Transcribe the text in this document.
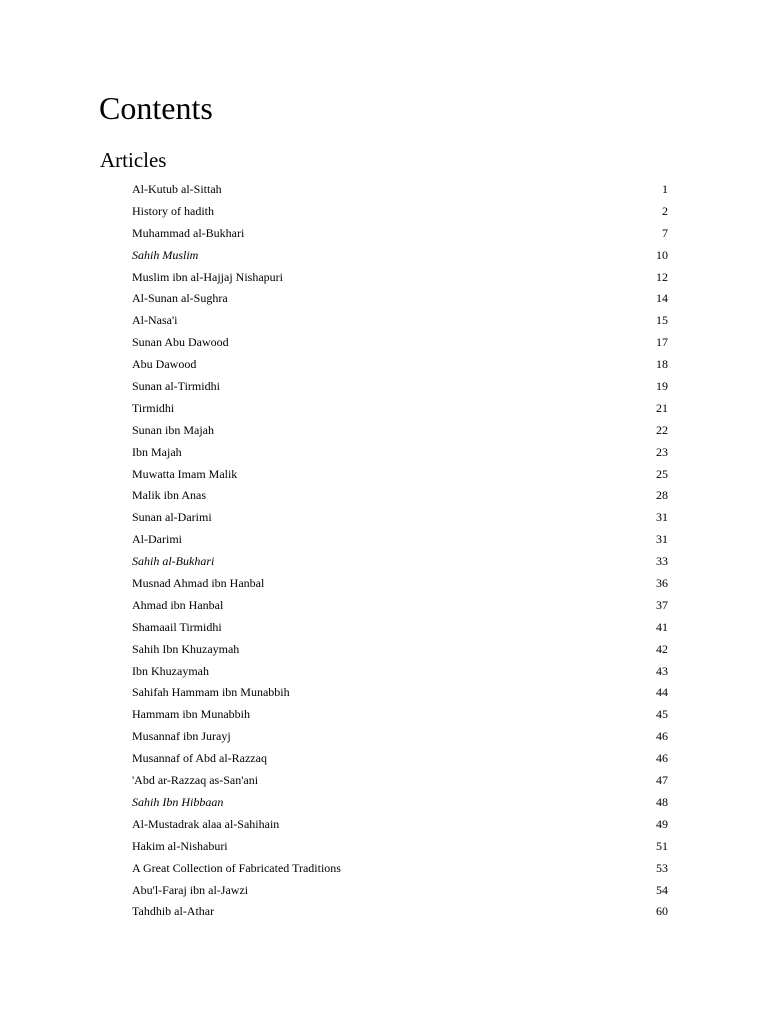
Contents
Articles
Al-Kutub al-Sittah	1
History of hadith	2
Muhammad al-Bukhari	7
Sahih Muslim	10
Muslim ibn al-Hajjaj Nishapuri	12
Al-Sunan al-Sughra	14
Al-Nasa'i	15
Sunan Abu Dawood	17
Abu Dawood	18
Sunan al-Tirmidhi	19
Tirmidhi	21
Sunan ibn Majah	22
Ibn Majah	23
Muwatta Imam Malik	25
Malik ibn Anas	28
Sunan al-Darimi	31
Al-Darimi	31
Sahih al-Bukhari	33
Musnad Ahmad ibn Hanbal	36
Ahmad ibn Hanbal	37
Shamaail Tirmidhi	41
Sahih Ibn Khuzaymah	42
Ibn Khuzaymah	43
Sahifah Hammam ibn Munabbih	44
Hammam ibn Munabbih	45
Musannaf ibn Jurayj	46
Musannaf of Abd al-Razzaq	46
'Abd ar-Razzaq as-San'ani	47
Sahih Ibn Hibbaan	48
Al-Mustadrak alaa al-Sahihain	49
Hakim al-Nishaburi	51
A Great Collection of Fabricated Traditions	53
Abu'l-Faraj ibn al-Jawzi	54
Tahdhib al-Athar	60
